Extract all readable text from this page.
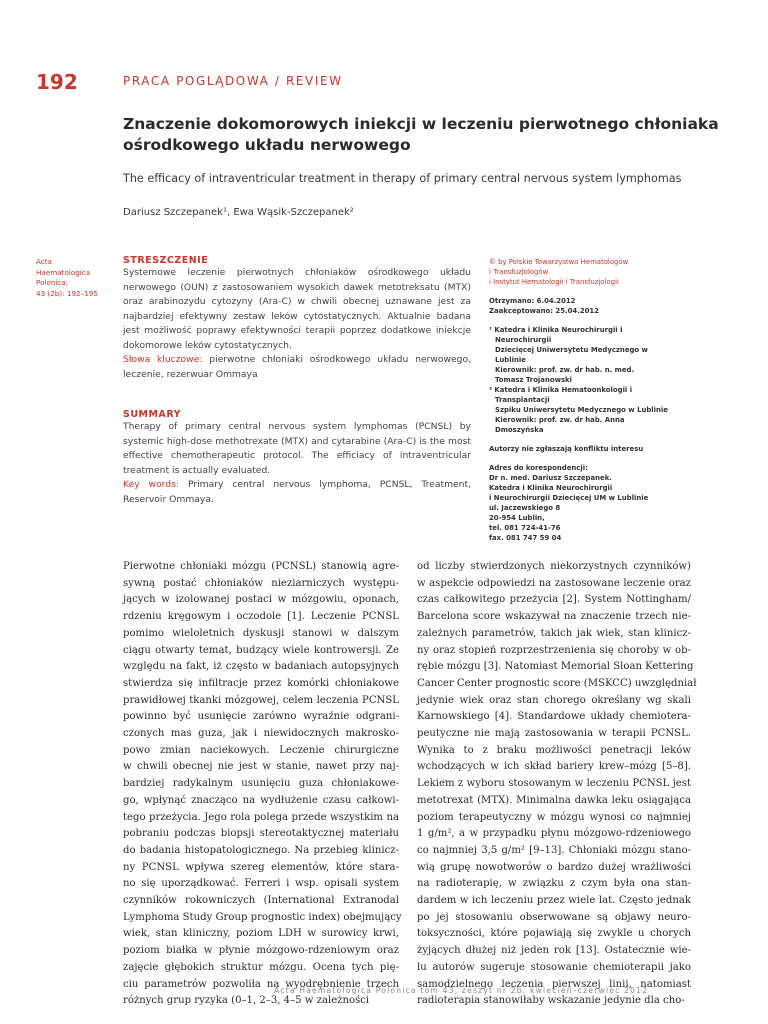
192	PRACA POGLĄDOWA / REVIEW
Znaczenie dokomorowych iniekcji w leczeniu pierwotnego chłoniaka ośrodkowego układu nerwowego
The efficacy of intraventricular treatment in therapy of primary central nervous system lymphomas
Dariusz Szczepanek¹, Ewa Wąsik-Szczepanek²
Acta
Haematologica
Polonica;
43 (2b): 192–195
STRESZCZENIE
Systemowe leczenie pierwotnych chłoniaków ośrodkowego układu nerwowego (OUN) z zastosowaniem wysokich dawek metotreksatu (MTX) oraz arabinozydu cytozyny (Ara-C) w chwili obecnej uznawane jest za najbardziej efektywny zestaw leków cytostatycznych. Aktualnie badana jest możliwość poprawy efektywności terapii poprzez dodatkowe iniekcje dokomorowe leków cytostatycznych.
Słowa kluczowe: pierwotne chłoniaki ośrodkowego układu nerwowego, leczenie, rezerwuar Ommaya
SUMMARY
Therapy of primary central nervous system lymphomas (PCNSL) by systemic high-dose methotrexate (MTX) and cytarabine (Ara-C) is the most effective chemotherapeutic protocol. The efficiacy of intraventricular treatment is actually evaluated.
Key words: Primary central nervous lymphoma, PCNSL, Treatment, Reservoir Ommaya.
© by Polskie Towarzystwo Hematologów
i Transfuzjologów
i Instytut Hematologii i Transfuzjologii
Otrzymano: 6.04.2012
Zaakceptowano: 25.04.2012
¹ Katedra i Klinika Neurochirurgii i Neurochirurgii
Dziecięcej Uniwersytetu Medycznego w Lublinie
Kierownik: prof. zw. dr hab. n. med.
Tomasz Trojanowski
² Katedra i Klinika Hematoonkologii i Transplantacji
Szpiku Uniwersytetu Medycznego w Lublinie
Kierownik: prof. zw. dr hab. Anna Dmoszyńska
Autorzy nie zgłaszają konfliktu interesu
Adres do korespondencji:
Dr n. med. Dariusz Szczepanek.
Katedra i Klinika Neurochirurgii
i Neurochirurgii Dziecięcej UM w Lublinie
ul. Jaczewskiego 8
20-954 Lublin,
tel. 081 724-41-76
fax. 081 747 59 04
Pierwotne chłoniaki mózgu (PCNSL) stanowią agre-
sywną postać chłoniaków nieziarniczych występu-
jących w izolowanej postaci w mózgowiu, oponach,
rdzeniu kręgowym i oczodole [1]. Leczenie PCNSL
pomimo wieloletnich dyskusji stanowi w dalszym
ciągu otwarty temat, budzący wiele kontrowersji. Ze
względu na fakt, iż często w badaniach autopsyjnych
stwierdza się infiltracje przez komórki chłoniakowe
prawidłowej tkanki mózgowej, celem leczenia PCNSL
powinno być usunięcie zarówno wyraźnie odgrani-
czonych mas guza, jak i niewidocznych makrosko-
powo zmian naciekowych. Leczenie chirurgiczne
w chwili obecnej nie jest w stanie, nawet przy naj-
bardziej radykalnym usunięciu guza chłoniakowe-
go, wpłynąć znacząco na wydłużenie czasu całkowi-
tego przeżycia. Jego rola polega przede wszystkim na
pobraniu podczas biopsji stereotaktycznej materiału
do badania histopatologicznego. Na przebieg klinicz-
ny PCNSL wpływa szereg elementów, które stara-
no się uporządkować. Ferreri i wsp. opisali system
czynników rokowniczych (International Extranodal
Lymphoma Study Group prognostic index) obejmujący
wiek, stan kliniczny, poziom LDH w surowicy krwi,
poziom białka w płynie mózgowo-rdzeniowym oraz
zajęcie głębokich struktur mózgu. Ocena tych pię-
ciu parametrów pozwoliła na wyodrębnienie trzech
różnych grup ryzyka (0–1, 2–3, 4–5 w zależności
od liczby stwierdzonych niekorzystnych czynników)
w aspekcie odpowiedzi na zastosowane leczenie oraz
czas całkowitego przeżycia [2]. System Nottingham/
Barcelona score wskazywał na znaczenie trzech nie-
zależnych parametrów, takich jak wiek, stan klinicz-
ny oraz stopień rozprzestrzenienia się choroby w ob-
rębie mózgu [3]. Natomiast Memorial Sloan Kettering
Cancer Center prognostic score (MSKCC) uwzględniał
jedynie wiek oraz stan chorego określany wg skali
Karnowskiego [4]. Standardowe układy chemiotera-
peutyczne nie mają zastosowania w terapii PCNSL.
Wynika to z braku możliwości penetracji leków
wchodzących w ich skład bariery krew–mózg [5–8].
Lekiem z wyboru stosowanym w leczeniu PCNSL jest
metotrexat (MTX). Minimalna dawka leku osiągająca
poziom terapeutyczny w mózgu wynosi co najmniej
1 g/m², a w przypadku płynu mózgowo-rdzeniowego
co najmniej 3,5 g/m² [9–13]. Chłoniaki mózgu stano-
wią grupę nowotworów o bardzo dużej wrażliwości
na radioterapię, w związku z czym była ona stan-
dardem w ich leczeniu przez wiele lat. Często jednak
po jej stosowaniu obserwowane są objawy neuro-
toksyczności, które pojawiają się zwykle u chorych
żyjących dłużej niż jeden rok [13]. Ostatecznie wie-
lu autorów sugeruje stosowanie chemioterapii jako
samodzielnego leczenia pierwszej linii, natomiast
radioterapia stanowiłaby wskazanie jedynie dla cho-
Acta Haematologica Polonica tom 43, zeszyt nr 2b, kwiecień–czerwiec 2012
